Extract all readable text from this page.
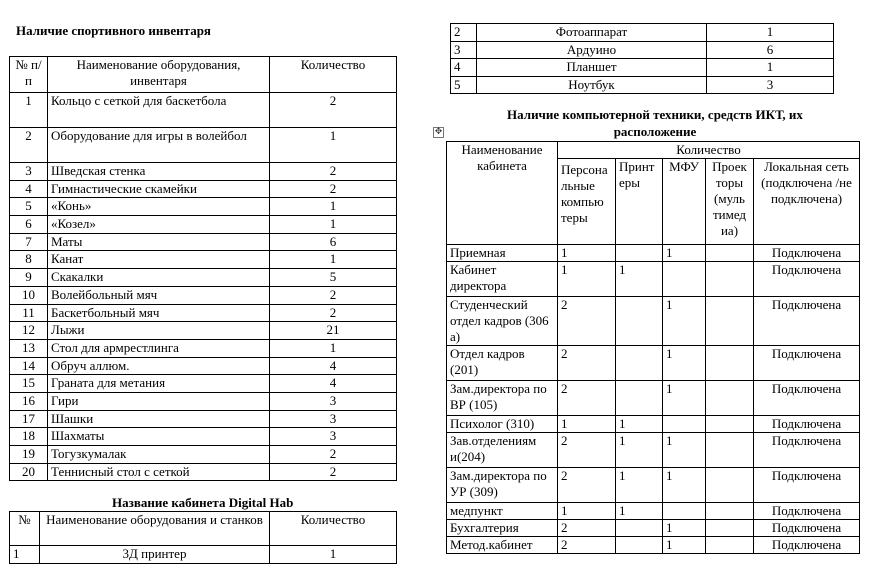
Наличие спортивного инвентаря
№ п/п	Наименование оборудования, инвентаря	Количество
1	Кольцо с сеткой для баскетбола	2
2	Оборудование для игры в волейбол	1
3	Шведская стенка	2
4	Гимнастические скамейки	2
5	«Конь»	1
6	«Козел»	1
7	Маты	6
8	Канат	1
9	Скакалки	5
10	Волейбольный мяч	2
11	Баскетбольный мяч	2
12	Лыжи	21
13	Стол для армрестлинга	1
14	Обруч аллюм.	4
15	Граната для метания	4
16	Гири	3
17	Шашки	3
18	Шахматы	3
19	Тогузкумалак	2
20	Теннисный стол с сеткой	2
Название кабинета Digital Hab
№	Наименование оборудования и станков	Количество
1	3Д принтер	1
2	Фотоаппарат	1
3	Ардуино	6
4	Планшет	1
5	Ноутбук	3
Наличие компьютерной техники, средств ИКТ, их расположение
✥
Наименование кабинета	Количество				
	Персона льные компью теры	Принт еры	МФУ	Проек торы (муль тимед иа)	Локальная сеть (подключена /не подключена)
Приемная	1		1		Подключена
Кабинет директора	1	1			Подключена
Студенческий отдел кадров (306 а)	2		1		Подключена
Отдел кадров (201)	2		1		Подключена
Зам.директора по ВР (105)	2		1		Подключена
Психолог (310)	1	1			Подключена
Зав.отделениям и(204)	2	1	1		Подключена
Зам.директора по УР (309)	2	1	1		Подключена
медпункт	1	1			Подключена
Бухгалтерия	2		1		Подключена
Метод.кабинет	2		1		Подключена
